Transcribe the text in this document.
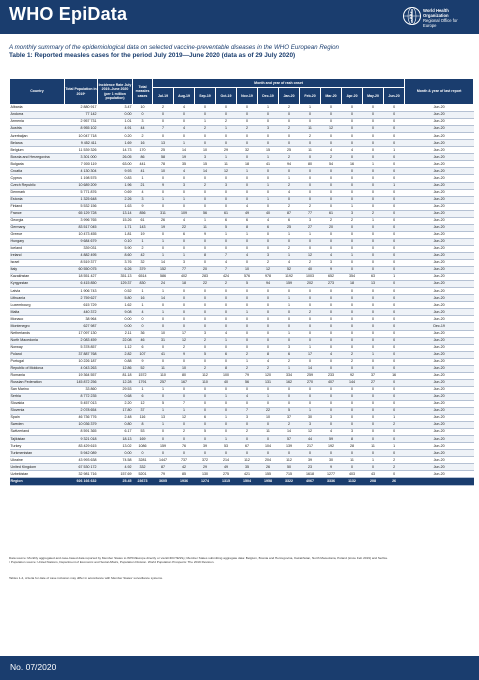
WHO EpiData	World Health
Organization
Regional Office for
Europe
A monthly summary of the epidemiological data on selected vaccine-preventable diseases in the WHO European Region
Table 1: Reported measles cases for the period July 2019—June 2020 (data as of 29 July 2020)
Country	Total Population in 2019¹	Incidence Rate July 2019–June 2020 (per 1 million population)	Total measles cases	Month and year of rash onset												Month & year of last report
				Jul-19	Aug-19	Sep-19	Oct-19	Nov-19	Dec-19	Jan-20	Feb-20	Mar-20	Apr-20	May-20	Jun-20	
Albania	2 880 917	3.47	10	2	4	0	0	0	1	2	1	0	0	0	0	Jun-20
Andorra	77 142	0.00	0	0	0	0	0	0	0	0	0	0	0	0	0	Jun-20
Armenia	2 957 731	1.01	3	0	0	1	2	0	0	0	0	0	0	0	0	Jun-20
Austria	8 955 102	4.91	44	7	4	2	1	2	3	2	11	12	0	0	0	Jun-20
Azerbaijan	10 047 718	0.20	2	0	0	0	0	0	0	0	2	0	0	0	0	Jun-20
Belarus	9 452 411	1.69	16	13	1	0	0	0	0	0	0	0	0	0	0	Jun-20
Belgium	11 539 326	14.73	170	25	14	10	29	32	15	25	11	4	4	0	1	Jun-20
Bosnia and Herzegovina	3 301 000	26.05	86	58	19	3	1	0	1	2	0	2	0	0	0	Jun-20
Bulgaria	7 000 119	63.00	441	78	35	15	11	18	41	94	80	54	16	1	0	Jun-20
Croatia	4 130 304	9.93	41	10	4	14	12	1	0	0	0	0	0	0	0	Jun-20
Cyprus	1 198 575	0.83	1	0	0	0	0	0	0	1	0	0	0	0	0	Jun-20
Czech Republic	10 689 209	1.96	21	9	3	2	3	0	1	2	0	0	0	0	1	Jun-20
Denmark	5 771 876	0.69	4	0	0	0	0	0	0	4	0	0	0	0	0	Jun-20
Estonia	1 325 648	2.26	3	1	1	0	0	0	1	0	0	0	0	0	0	Jun-20
Finland	5 532 156	1.63	9	0	0	0	0	4	0	2	2	0	1	0	0	Jun-20
France	65 129 728	13.14	856	311	109	56	61	49	40	87	77	61	3	2	0	Jun-20
Georgia	3 996 765	15.26	61	26	4	1	6	6	4	6	3	2	2	1	0	Jun-20
Germany	83 517 045	1.71	143	19	22	11	5	8	6	25	27	20	0	0	0	Jun-20
Greece	10 473 455	1.81	19	0	6	9	1	1	0	1	1	0	0	0	0	Jun-20
Hungary	9 684 679	0.10	1	1	0	0	0	0	0	0	0	0	0	0	0	Jun-20
Iceland	339 031	5.90	2	0	0	0	0	0	0	2	0	0	0	0	0	Jun-20
Ireland	4 882 495	8.60	42	1	1	8	7	4	3	1	12	4	1	0	0	Jun-20
Israel	8 519 377	3.76	32	14	3	0	4	0	2	4	2	3	0	0	0	Jun-20
Italy	60 550 075	6.26	379	152	77	20	7	10	12	52	40	9	0	0	0	Jun-20
Kazakhstan	18 551 427	351.13	6514	586	402	283	424	576	978	1192	1003	652	354	63	1	Jun-20
Kyrgyzstan	6 415 850	129.37	830	24	18	22	2	5	94	159	202	273	18	13	0	Jun-20
Latvia	1 906 743	0.52	1	1	0	0	0	0	0	0	0	0	0	0	0	Jun-20
Lithuania	2 759 627	5.80	16	14	0	0	0	0	0	1	0	0	0	0	0	Jun-20
Luxembourg	615 729	1.62	1	0	0	0	0	0	0	1	0	0	0	0	0	Jun-20
Malta	440 372	9.08	4	1	0	0	0	1	0	0	2	0	0	0	0	Jun-20
Monaco	38 964	0.00	0	0	0	0	0	0	0	0	0	0	0	0	0	Jun-20
Montenegro	627 987	0.00	0	0	0	0	0	0	0	0	0	0	0	0	0	Dec-19
Netherlands	17 097 130	2.11	36	10	17	3	4	0	0	1	0	0	0	0	0	Jun-20
North Macedonia	2 083 459	22.08	46	31	12	2	1	0	0	0	0	0	0	0	0	Jun-20
Norway	5 378 857	1.12	6	0	2	0	0	0	0	3	1	0	0	0	0	Jun-20
Poland	37 887 768	2.82	107	41	9	5	6	2	8	6	17	4	2	1	0	Jun-20
Portugal	10 226 187	0.88	9	0	0	0	0	1	4	2	0	0	2	0	0	Jun-20
Republic of Moldova	4 043 263	12.86	52	11	10	2	8	2	2	1	14	0	0	0	0	Jun-20
Romania	19 364 557	81.18	1572	110	80	112	100	79	120	334	259	233	92	37	16	Jun-20
Russian Federation	145 872 256	12.28	1791	257	167	110	40	56	131	162	270	407	144	27	0	Jun-20
San Marino	33 860	29.53	1	1	0	0	0	0	0	0	0	0	0	0	0	Jun-20
Serbia	8 772 235	0.68	6	0	0	0	1	4	1	0	0	0	0	0	0	Jun-20
Slovakia	5 457 013	2.20	12	5	7	0	0	0	0	0	0	0	0	0	0	Jun-20
Slovenia	2 078 654	17.80	37	1	1	0	0	7	22	5	1	0	0	0	0	Jun-20
Spain	46 736 776	2.48	116	13	12	6	1	3	10	37	30	3	0	0	1	Jun-20
Sweden	10 036 379	0.80	8	1	0	0	0	0	0	2	3	0	0	0	2	Jun-20
Switzerland	8 591 365	6.17	53	0	2	5	0	2	11	14	12	4	3	0	0	Jun-20
Tajikistan	9 321 018	18.13	169	0	0	0	1	0	0	57	44	59	8	0	0	Jun-20
Turkey	83 429 615	13.02	1086	159	76	39	53	67	104	139	217	192	28	11	1	Jun-20
Turkmenistan	5 942 089	0.00	0	0	0	0	0	0	0	0	0	0	0	0	0	Jun-20
Ukraine	43 993 638	74.58	3281	1447	737	372	214	112	204	112	39	30	11	1	2	Jun-20
United Kingdom	67 530 172	4.92	332	87	42	29	49	35	26	50	23	9	0	0	2	Jun-20
Uzbekistan	32 981 716	157.69	5201	79	85	130	275	421	155	715	1618	1277	403	43	0	Jun-20
Region	926 166 632	25.45	23673	3605	1936	1274	1315	1504	1958	3322	4067	3336	1132	208	26	
Data source: Monthly aggregated and case-based data reported by Member States to WHO/Europe directly or via ECDC/TESSy; Member States submitting aggregate data: Belgium, Bosnia and Herzegovina, Kazakhstan, North Macedonia, Poland (since Feb 2019) and Serbia.
¹ Population source: United Nations, Department of Economic and Social Affairs, Population Division. World Population Prospects: The 2019 Revision.
Tables 1-4, criteria for date of case inclusion may differ in accordance with Member States' surveillance systems.
No. 07/2020
